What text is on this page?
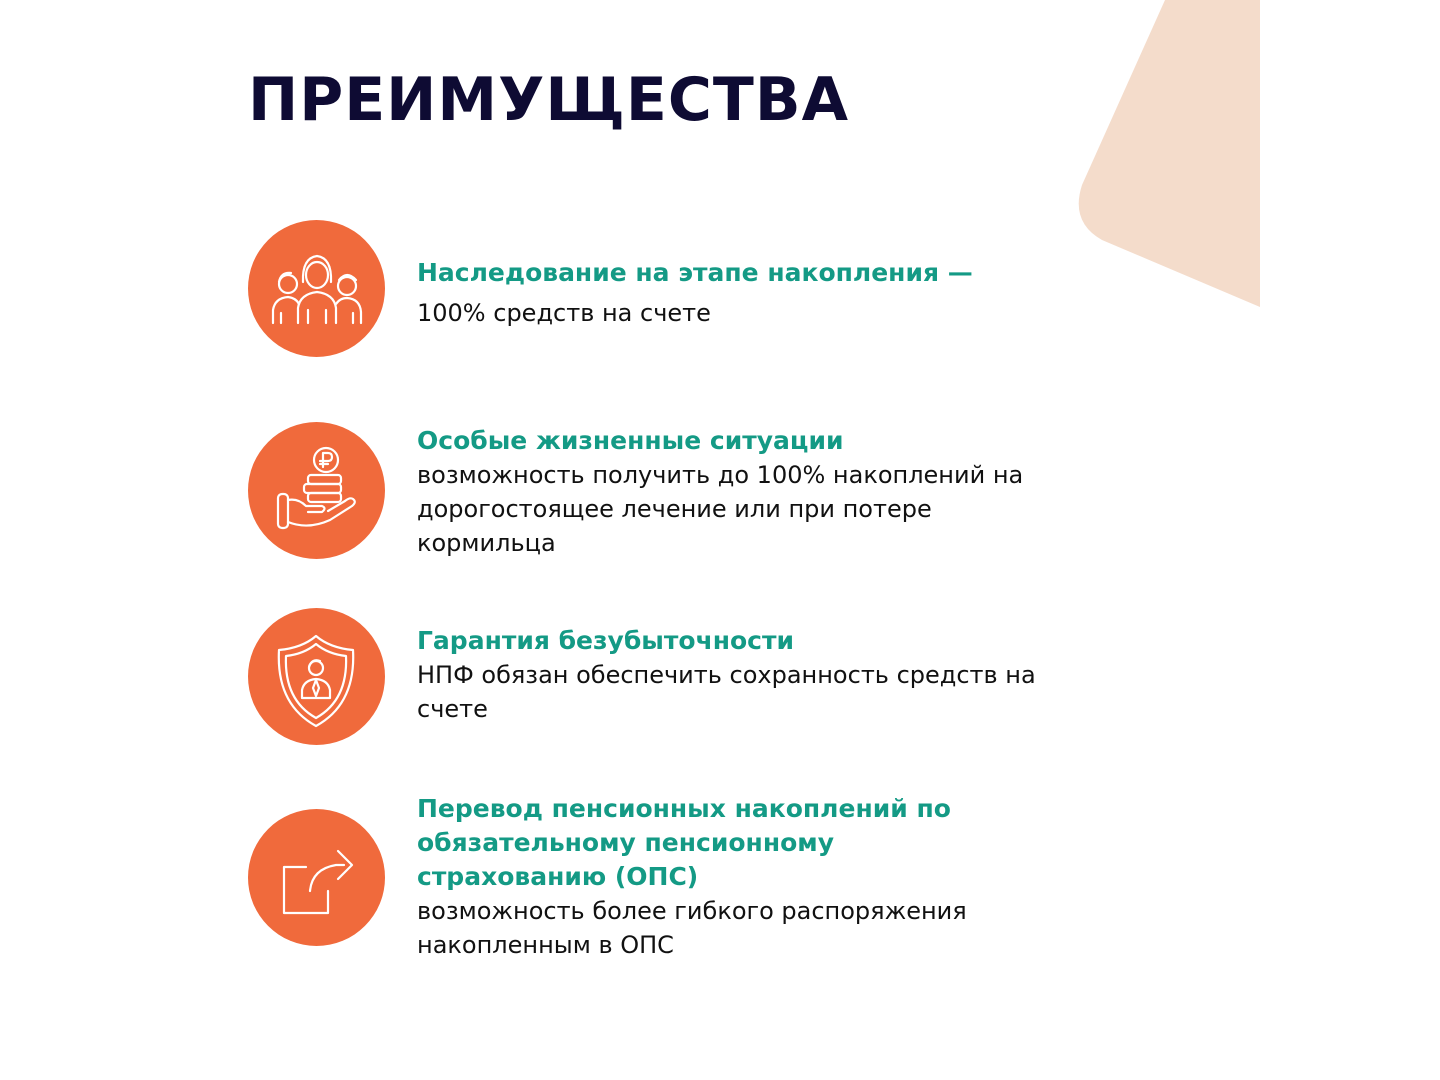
ПРЕИМУЩЕСТВА

Наследование на этапе накопления —

100% средств на счете

Особые жизненные ситуации

возможность получить до 100% накоплений на дорогостоящее лечение или при потере кормильца

Гарантия безубыточности

НПФ обязан обеспечить сохранность средств на счете

Перевод пенсионных накоплений по обязательному пенсионному страхованию (ОПС)

возможность более гибкого распоряжения накопленным в ОПС
